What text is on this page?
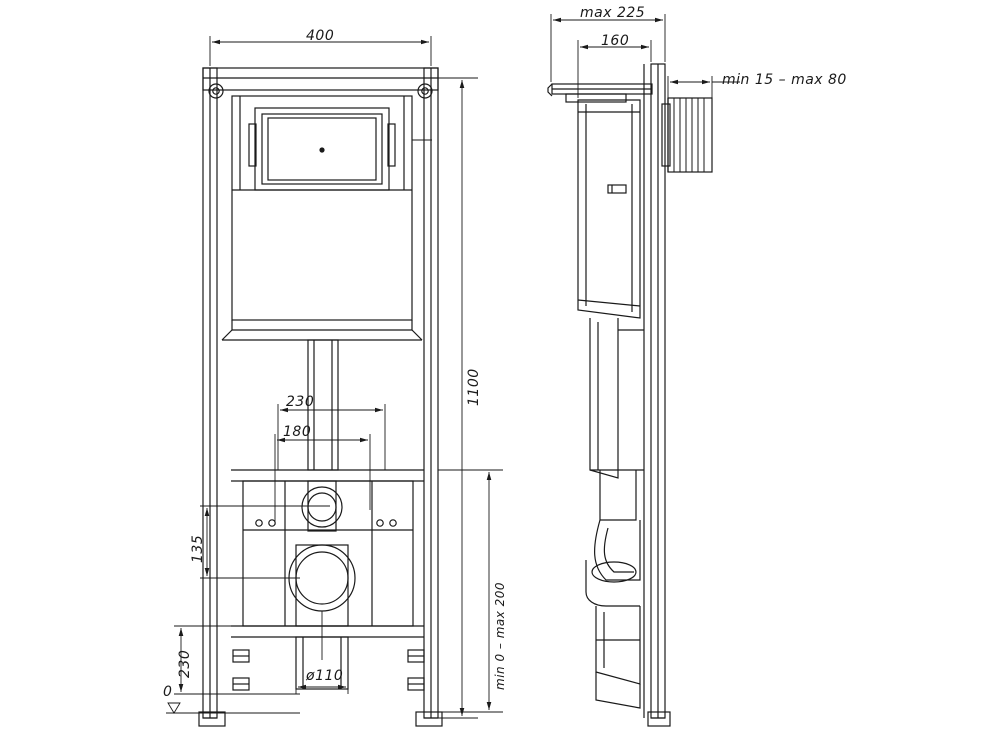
400
1100
min 0 – max 200
230
180
135
230
0
ø110
max 225
160
min 15 – max 80
